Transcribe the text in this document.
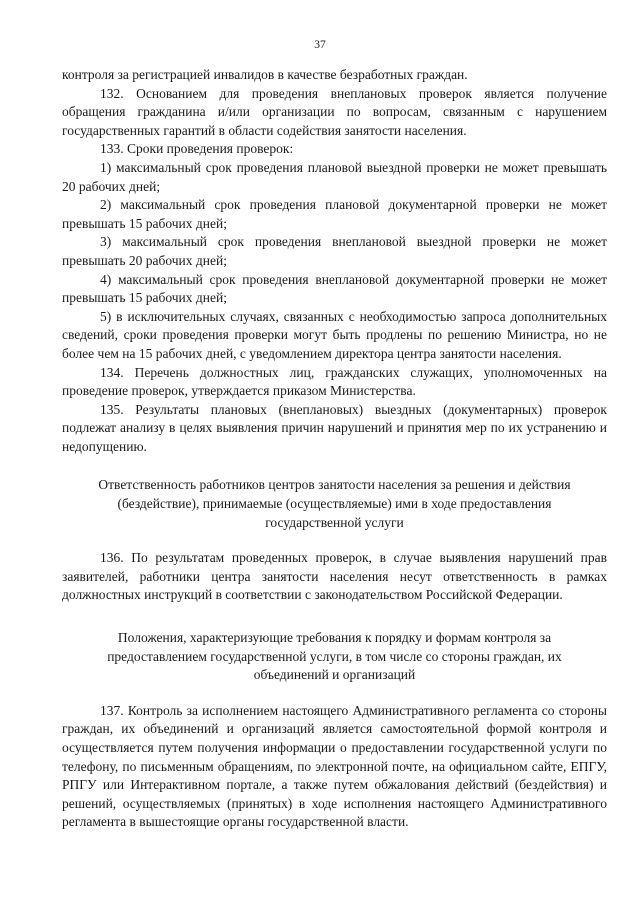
37

контроля за регистрацией инвалидов в качестве безработных граждан.

132. Основанием для проведения внеплановых проверок является получение обращения гражданина и/или организации по вопросам, связанным с нарушением государственных гарантий в области содействия занятости населения.

133. Сроки проведения проверок:

1) максимальный срок проведения плановой выездной проверки не может превышать 20 рабочих дней;

2) максимальный срок проведения плановой документарной проверки не может превышать 15 рабочих дней;

3) максимальный срок проведения внеплановой выездной проверки не может превышать 20 рабочих дней;

4) максимальный срок проведения внеплановой документарной проверки не может превышать 15 рабочих дней;

5) в исключительных случаях, связанных с необходимостью запроса дополнительных сведений, сроки проведения проверки могут быть продлены по решению Министра, но не более чем на 15 рабочих дней, с уведомлением директора центра занятости населения.

134. Перечень должностных лиц, гражданских служащих, уполномоченных на проведение проверок, утверждается приказом Министерства.

135. Результаты плановых (внеплановых) выездных (документарных) проверок подлежат анализу в целях выявления причин нарушений и принятия мер по их устранению и недопущению.

Ответственность работников центров занятости населения за решения и действия (бездействие), принимаемые (осуществляемые) ими в ходе предоставления государственной услуги

136. По результатам проведенных проверок, в случае выявления нарушений прав заявителей, работники центра занятости населения несут ответственность в рамках должностных инструкций в соответствии с законодательством Российской Федерации.

Положения, характеризующие требования к порядку и формам контроля за предоставлением государственной услуги, в том числе со стороны граждан, их объединений и организаций

137. Контроль за исполнением настоящего Административного регламента со стороны граждан, их объединений и организаций является самостоятельной формой контроля и осуществляется путем получения информации о предоставлении государственной услуги по телефону, по письменным обращениям, по электронной почте, на официальном сайте, ЕПГУ, РПГУ или Интерактивном портале, а также путем обжалования действий (бездействия) и решений, осуществляемых (принятых) в ходе исполнения настоящего Административного регламента в вышестоящие органы государственной власти.
